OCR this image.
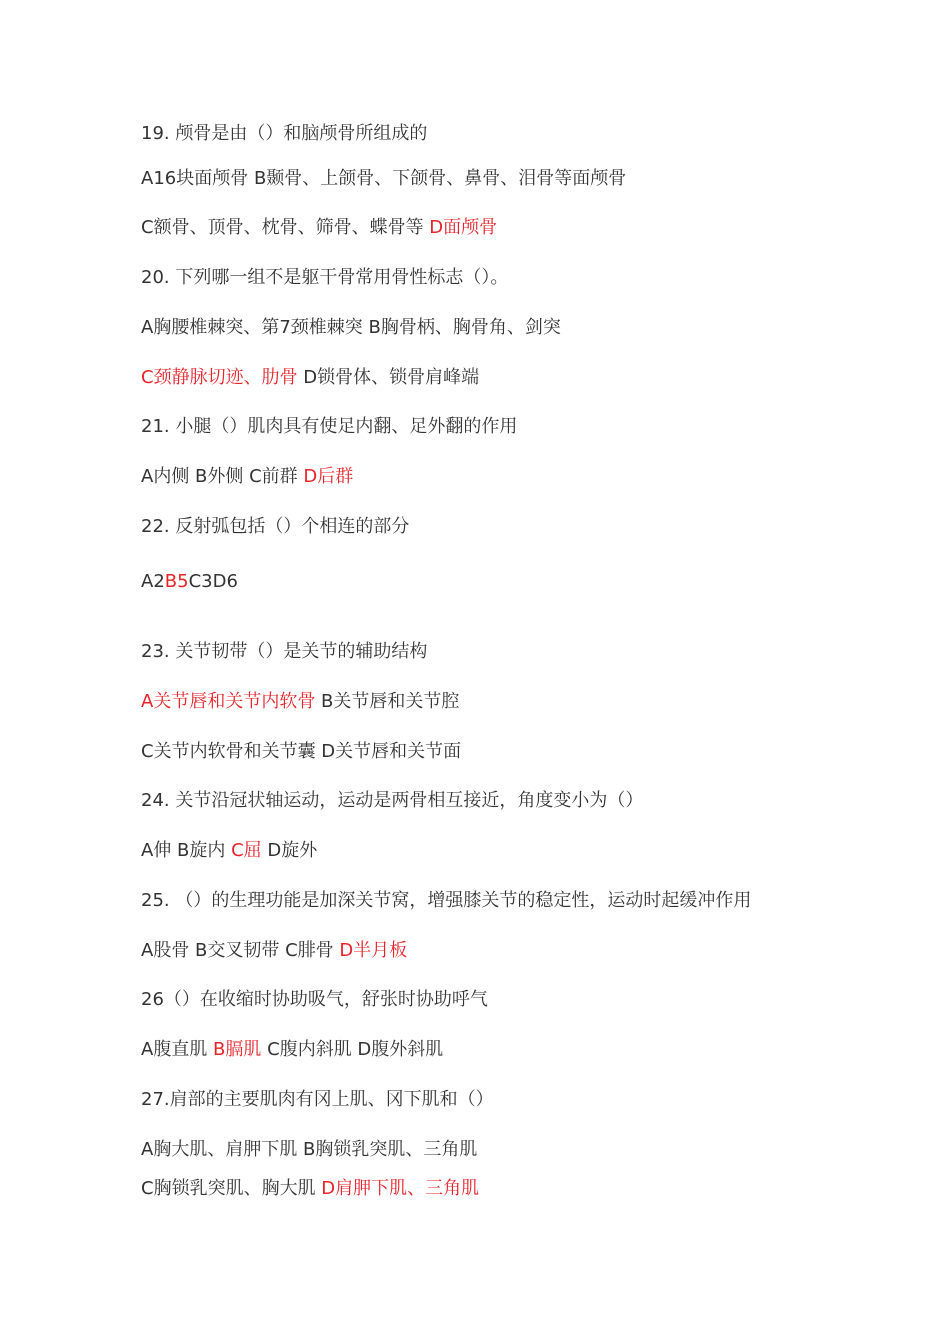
19. 颅骨是由（）和脑颅骨所组成的
A16块面颅骨 B颞骨、上颌骨、下颌骨、鼻骨、泪骨等面颅骨
C额骨、顶骨、枕骨、筛骨、蝶骨等 D面颅骨
20. 下列哪一组不是躯干骨常用骨性标志（）。
A胸腰椎棘突、第7颈椎棘突 B胸骨柄、胸骨角、剑突
C颈静脉切迹、肋骨 D锁骨体、锁骨肩峰端
21. 小腿（）肌肉具有使足内翻、足外翻的作用
A内侧 B外侧 C前群 D后群
22. 反射弧包括（）个相连的部分
A2B5C3D6
23. 关节韧带（）是关节的辅助结构
A关节唇和关节内软骨 B关节唇和关节腔
C关节内软骨和关节囊 D关节唇和关节面
24. 关节沿冠状轴运动，运动是两骨相互接近，角度变小为（）
A伸 B旋内 C屈 D旋外
25. （）的生理功能是加深关节窝，增强膝关节的稳定性，运动时起缓冲作用
A股骨 B交叉韧带 C腓骨 D半月板
26（）在收缩时协助吸气，舒张时协助呼气
A腹直肌 B膈肌 C腹内斜肌 D腹外斜肌
27.肩部的主要肌肉有冈上肌、冈下肌和（）
A胸大肌、肩胛下肌 B胸锁乳突肌、三角肌
C胸锁乳突肌、胸大肌 D肩胛下肌、三角肌
